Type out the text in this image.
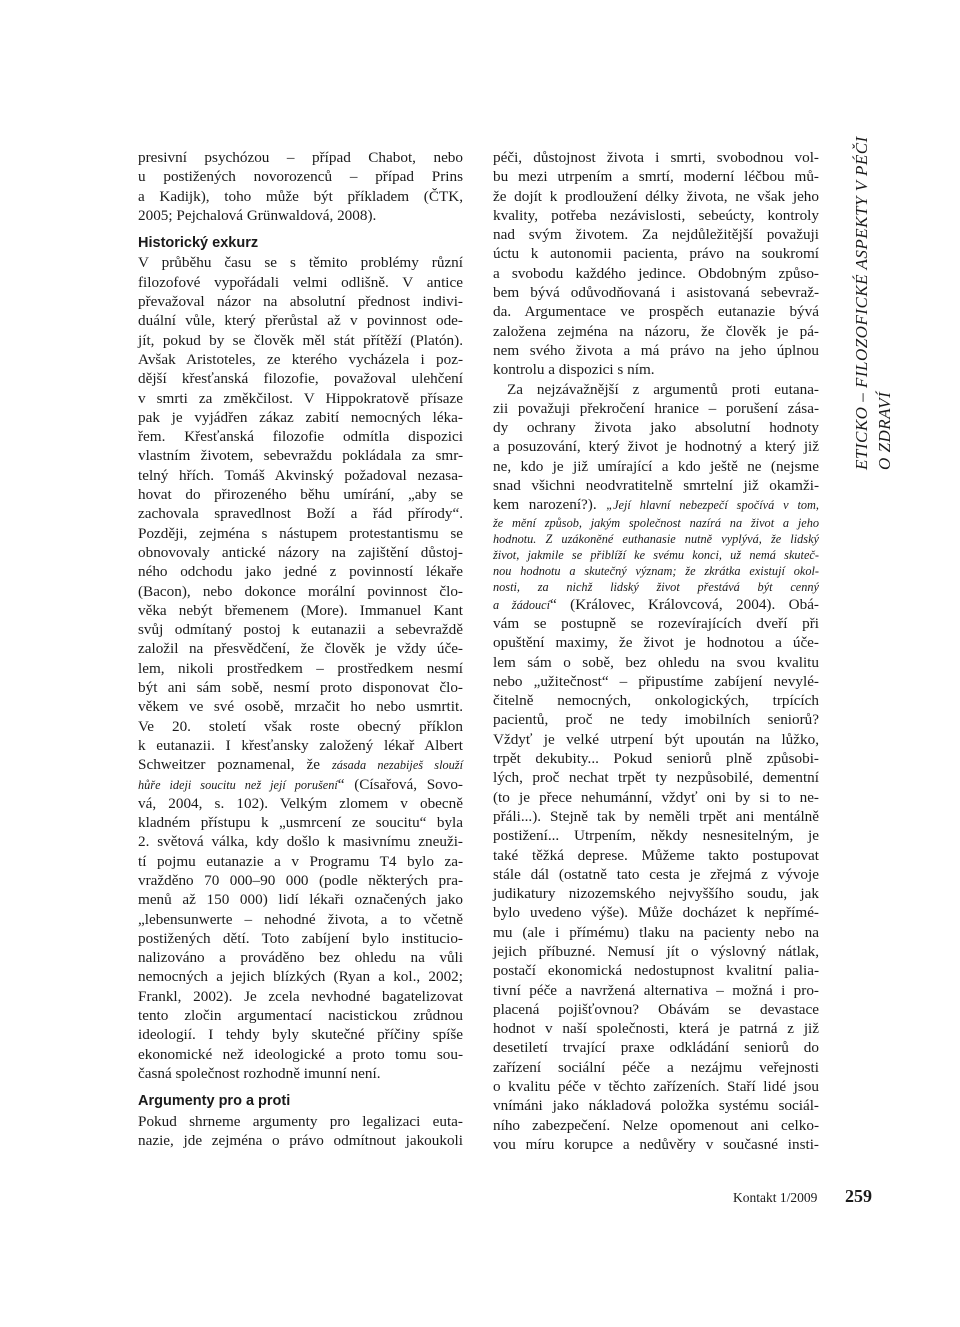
ETICKO – FILOZOFICKÉ ASPEKTY V PÉČI O ZDRAVÍ
presivní psychózou – případ Chabot, nebo
u postižených novorozenců – případ Prins
a Kadijk), toho může být příkladem (ČTK,
2005; Pejchalová Grünwaldová, 2008).
Historický exkurz
V průběhu času se s těmito problémy různí
filozofové vypořádali velmi odlišně. V antice
převažoval názor na absolutní přednost indivi-
duální vůle, který přerůstal až v povinnost ode-
jít, pokud by se člověk měl stát přítěží (Platón).
Avšak Aristoteles, ze kterého vycházela i poz-
dější křesťanská filozofie, považoval ulehčení
v smrti za změkčilost. V Hippokratově přísaze
pak je vyjádřen zákaz zabití nemocných léka-
řem. Křesťanská filozofie odmítla dispozici
vlastním životem, sebevraždu pokládala za smr-
telný hřích. Tomáš Akvinský požadoval nezasa-
hovat do přirozeného běhu umírání, „aby se
zachovala spravedlnost Boží a řád přírody“.
Později, zejména s nástupem protestantismu se
obnovovaly antické názory na zajištění důstoj-
ného odchodu jako jedné z povinností lékaře
(Bacon), nebo dokonce morální povinnost člo-
věka nebýt břemenem (More). Immanuel Kant
svůj odmítaný postoj k eutanazii a sebevraždě
založil na přesvědčení, že člověk je vždy úče-
lem, nikoli prostředkem – prostředkem nesmí
být ani sám sobě, nesmí proto disponovat člo-
věkem ve své osobě, mrzačit ho nebo usmrtit.
Ve 20. století však roste obecný příklon
k eutanazii. I křesťansky založený lékař Albert
Schweitzer poznamenal, že zásada nezabiješ slouží
hůře ideji soucitu než její porušení“ (Císařová, Sovo-
vá, 2004, s. 102). Velkým zlomem v obecně
kladném přístupu k „usmrcení ze soucitu“ byla
2. světová válka, kdy došlo k masivnímu zneuži-
tí pojmu eutanazie a v Programu T4 bylo za-
vražděno 70 000–90 000 (podle některých pra-
menů až 150 000) lidí lékaři označených jako
„lebensunwerte – nehodné života, a to včetně
postižených dětí. Toto zabíjení bylo institucio-
nalizováno a prováděno bez ohledu na vůli
nemocných a jejich blízkých (Ryan a kol., 2002;
Frankl, 2002). Je zcela nevhodné bagatelizovat
tento zločin argumentací nacistickou zrůdnou
ideologií. I tehdy byly skutečné příčiny spíše
ekonomické než ideologické a proto tomu sou-
časná společnost rozhodně imunní není.
Argumenty pro a proti
Pokud shrneme argumenty pro legalizaci euta-
nazie, jde zejména o právo odmítnout jakoukoli
péči, důstojnost života i smrti, svobodnou vol-
bu mezi utrpením a smrtí, moderní léčbou mů-
že dojít k prodloužení délky života, ne však jeho
kvality, potřeba nezávislosti, sebeúcty, kontroly
nad svým životem. Za nejdůležitější považuji
úctu k autonomii pacienta, právo na soukromí
a svobodu každého jedince. Obdobným způso-
bem bývá odůvodňovaná i asistovaná sebevraž-
da. Argumentace ve prospěch eutanazie bývá
založena zejména na názoru, že člověk je pá-
nem svého života a má právo na jeho úplnou
kontrolu a dispozici s ním.
Za nejzávažnější z argumentů proti eutana-
zii považuji překročení hranice – porušení zása-
dy ochrany života jako absolutní hodnoty
a posuzování, který život je hodnotný a který již
ne, kdo je již umírající a kdo ještě ne (nejsme
snad všichni neodvratitelně smrtelní již okamži-
kem narození?). „Její hlavní nebezpečí spočívá v tom,
že mění způsob, jakým společnost nazírá na život a jeho
hodnotu. Z uzákoněné euthanasie nutně vyplývá, že lidský
život, jakmile se přiblíží ke svému konci, už nemá skuteč-
nou hodnotu a skutečný význam; že zkrátka existují okol-
nosti, za nichž lidský život přestává být cenný
a žádoucí“ (Královec, Královcová, 2004). Obá-
vám se postupně se rozevírajících dveří při
opuštění maximy, že život je hodnotou a úče-
lem sám o sobě, bez ohledu na svou kvalitu
nebo „užitečnost“ – připustíme zabíjení nevylé-
čitelně nemocných, onkologických, trpících
pacientů, proč ne tedy imobilních seniorů?
Vždyť je velké utrpení být upoután na lůžko,
trpět dekubity... Pokud seniorů plně způsobi-
lých, proč nechat trpět ty nezpůsobilé, dementní
(to je přece nehumánní, vždyť oni by si to ne-
přáli...). Stejně tak by neměli trpět ani mentálně
postižení... Utrpením, někdy nesnesitelným, je
také těžká deprese. Můžeme takto postupovat
stále dál (ostatně tato cesta je zřejmá z vývoje
judikatury nizozemského nejvyššího soudu, jak
bylo uvedeno výše). Může docházet k nepřímé-
mu (ale i přímému) tlaku na pacienty nebo na
jejich příbuzné. Nemusí jít o výslovný nátlak,
postačí ekonomická nedostupnost kvalitní palia-
tivní péče a navržená alternativa – možná i pro-
placená pojišťovnou? Obávám se devastace
hodnot v naší společnosti, která je patrná z již
desetiletí trvající praxe odkládání seniorů do
zařízení sociální péče a nezájmu veřejnosti
o kvalitu péče v těchto zařízeních. Staří lidé jsou
vnímáni jako nákladová položka systému sociál-
ního zabezpečení. Nelze opomenout ani celko-
vou míru korupce a nedůvěry v současné insti-
Kontakt 1/2009 259
